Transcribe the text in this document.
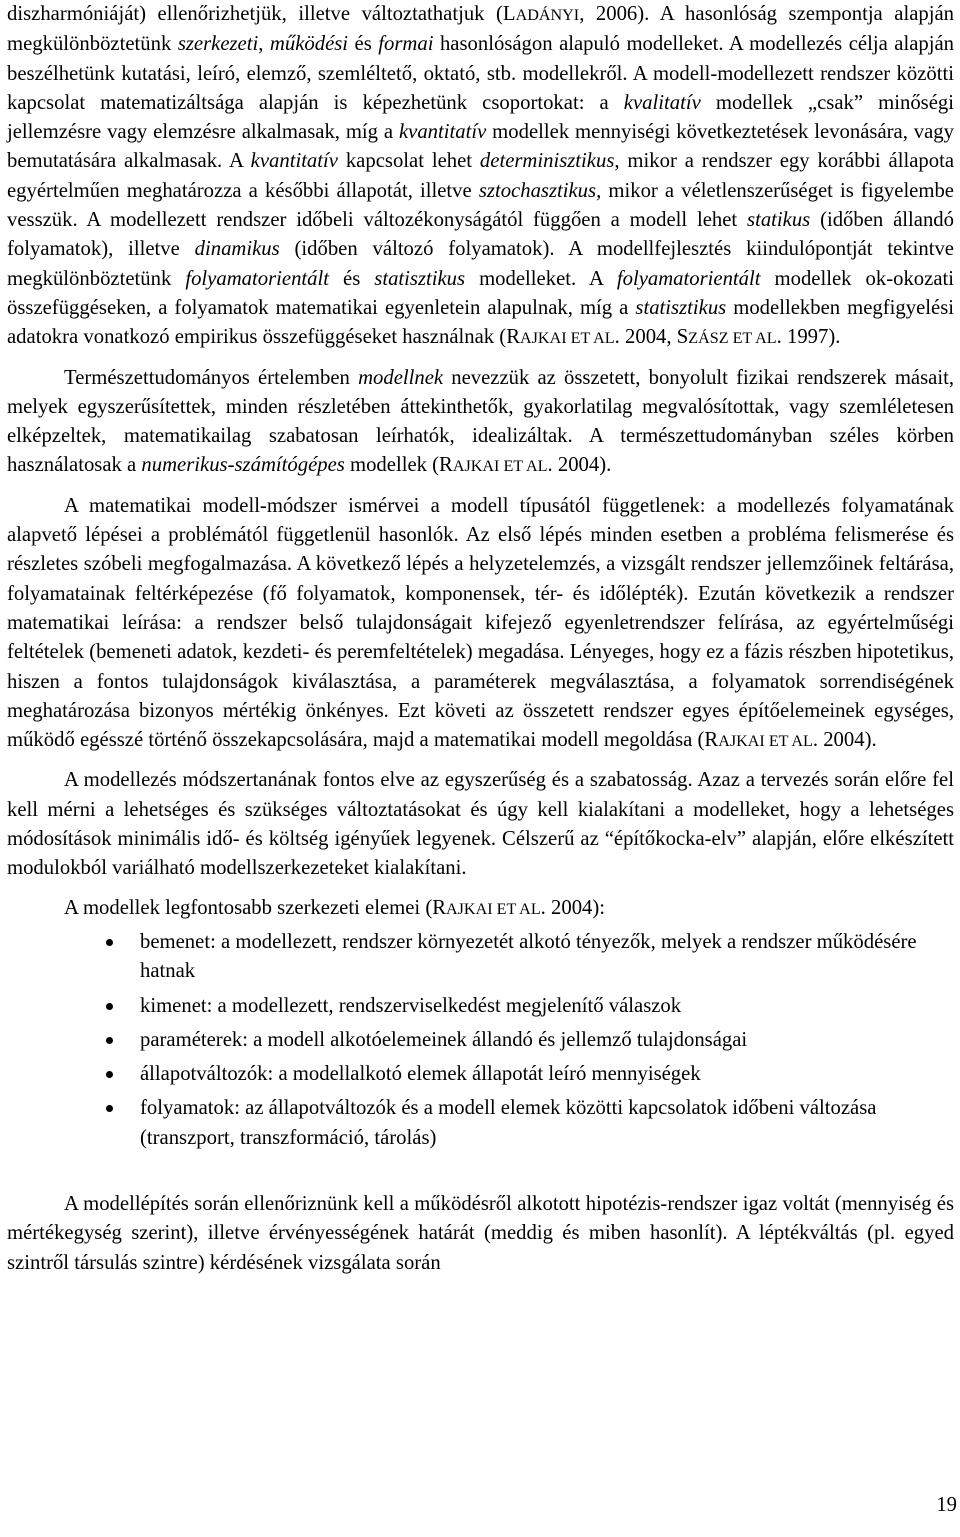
diszharmóniáját) ellenőrizhetjük, illetve változtathatjuk (LADÁNYI, 2006). A hasonlóság szempontja alapján megkülönböztetünk szerkezeti, működési és formai hasonlóságon alapuló modelleket. A modellezés célja alapján beszélhetünk kutatási, leíró, elemző, szemléltető, oktató, stb. modellekről. A modell-modellezett rendszer közötti kapcsolat matematizáltsága alapján is képezhetünk csoportokat: a kvalitatív modellek „csak” minőségi jellemzésre vagy elemzésre alkalmasak, míg a kvantitatív modellek mennyiségi következtetések levonására, vagy bemutatására alkalmasak. A kvantitatív kapcsolat lehet determinisztikus, mikor a rendszer egy korábbi állapota egyértelműen meghatározza a későbbi állapotát, illetve sztochasztikus, mikor a véletlenszerűséget is figyelembe vesszük. A modellezett rendszer időbeli változékonyságától függően a modell lehet statikus (időben állandó folyamatok), illetve dinamikus (időben változó folyamatok). A modellfejlesztés kiindulópontját tekintve megkülönböztetünk folyamatorientált és statisztikus modelleket. A folyamatorientált modellek ok-okozati összefüggéseken, a folyamatok matematikai egyenletein alapulnak, míg a statisztikus modellekben megfigyelési adatokra vonatkozó empirikus összefüggéseket használnak (RAJKAI ET AL. 2004, SZÁSZ ET AL. 1997).

Természettudományos értelemben modellnek nevezzük az összetett, bonyolult fizikai rendszerek másait, melyek egyszerűsítettek, minden részletében áttekinthetők, gyakorlatilag megvalósítottak, vagy szemléletesen elképzeltek, matematikailag szabatosan leírhatók, idealizáltak. A természettudományban széles körben használatosak a numerikus-számítógépes modellek (RAJKAI ET AL. 2004).

A matematikai modell-módszer ismérvei a modell típusától függetlenek: a modellezés folyamatának alapvető lépései a problémától függetlenül hasonlók. Az első lépés minden esetben a probléma felismerése és részletes szóbeli megfogalmazása. A következő lépés a helyzetelemzés, a vizsgált rendszer jellemzőinek feltárása, folyamatainak feltérképezése (fő folyamatok, komponensek, tér- és időlépték). Ezután következik a rendszer matematikai leírása: a rendszer belső tulajdonságait kifejező egyenletrendszer felírása, az egyértelműségi feltételek (bemeneti adatok, kezdeti- és peremfeltételek) megadása. Lényeges, hogy ez a fázis részben hipotetikus, hiszen a fontos tulajdonságok kiválasztása, a paraméterek megválasztása, a folyamatok sorrendiségének meghatározása bizonyos mértékig önkényes. Ezt követi az összetett rendszer egyes építőelemeinek egységes, működő egésszé történő összekapcsolására, majd a matematikai modell megoldása (RAJKAI ET AL. 2004).

A modellezés módszertanának fontos elve az egyszerűség és a szabatosság. Azaz a tervezés során előre fel kell mérni a lehetséges és szükséges változtatásokat és úgy kell kialakítani a modelleket, hogy a lehetséges módosítások minimális idő- és költség igényűek legyenek. Célszerű az “építőkocka-elv” alapján, előre elkészített modulokból variálható modellszerkezeteket kialakítani.

A modellek legfontosabb szerkezeti elemei (RAJKAI ET AL. 2004):

bemenet: a modellezett, rendszer környezetét alkotó tényezők, melyek a rendszer működésére hatnak
kimenet: a modellezett, rendszerviselkedést megjelenítő válaszok
paraméterek: a modell alkotóelemeinek állandó és jellemző tulajdonságai
állapotváltozók: a modellalkotó elemek állapotát leíró mennyiségek
folyamatok: az állapotváltozók és a modell elemek közötti kapcsolatok időbeni változása (transzport, transzformáció, tárolás)

A modellépítés során ellenőriznünk kell a működésről alkotott hipotézis-rendszer igaz voltát (mennyiség és mértékegység szerint), illetve érvényességének határát (meddig és miben hasonlít). A léptékváltás (pl. egyed szintről társulás szintre) kérdésének vizsgálata során

19
